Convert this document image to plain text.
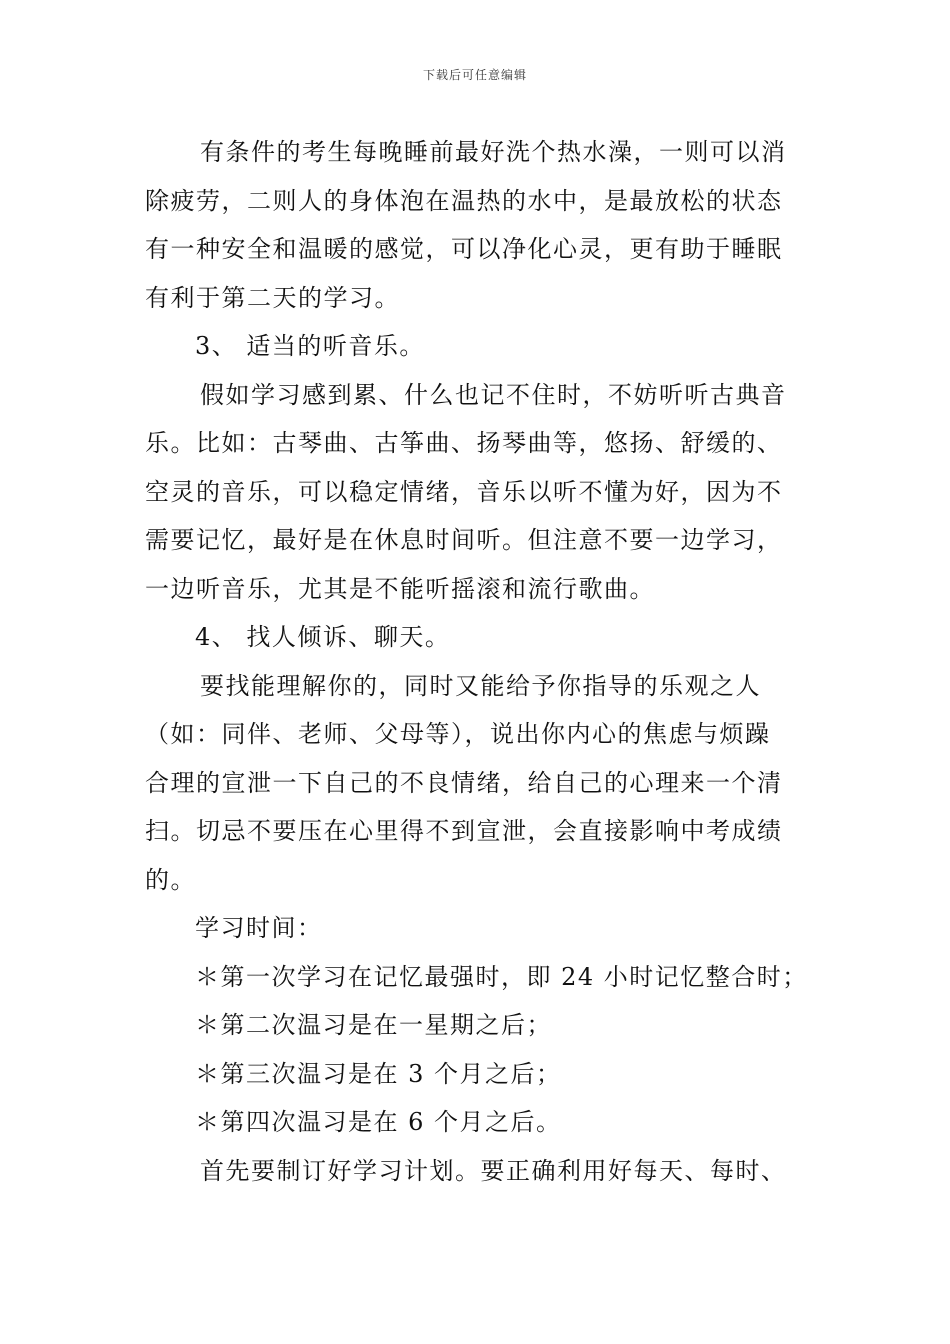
下载后可任意编辑
有条件的考生每晚睡前最好洗个热水澡，一则可以消
除疲劳，二则人的身体泡在温热的水中，是最放松的状态
有一种安全和温暖的感觉，可以净化心灵，更有助于睡眠
有利于第二天的学习。
3、 适当的听音乐。
假如学习感到累、什么也记不住时，不妨听听古典音
乐。比如：古琴曲、古筝曲、扬琴曲等，悠扬、舒缓的、
空灵的音乐，可以稳定情绪，音乐以听不懂为好，因为不
需要记忆，最好是在休息时间听。但注意不要一边学习，
一边听音乐，尤其是不能听摇滚和流行歌曲。
4、 找人倾诉、聊天。
要找能理解你的，同时又能给予你指导的乐观之人
（如：同伴、老师、父母等），说出你内心的焦虑与烦躁
合理的宣泄一下自己的不良情绪，给自己的心理来一个清
扫。切忌不要压在心里得不到宣泄，会直接影响中考成绩
的。
学习时间：
＊第一次学习在记忆最强时，即 24 小时记忆整合时；
＊第二次温习是在一星期之后；
＊第三次温习是在 3 个月之后；
＊第四次温习是在 6 个月之后。
首先要制订好学习计划。要正确利用好每天、每时、
